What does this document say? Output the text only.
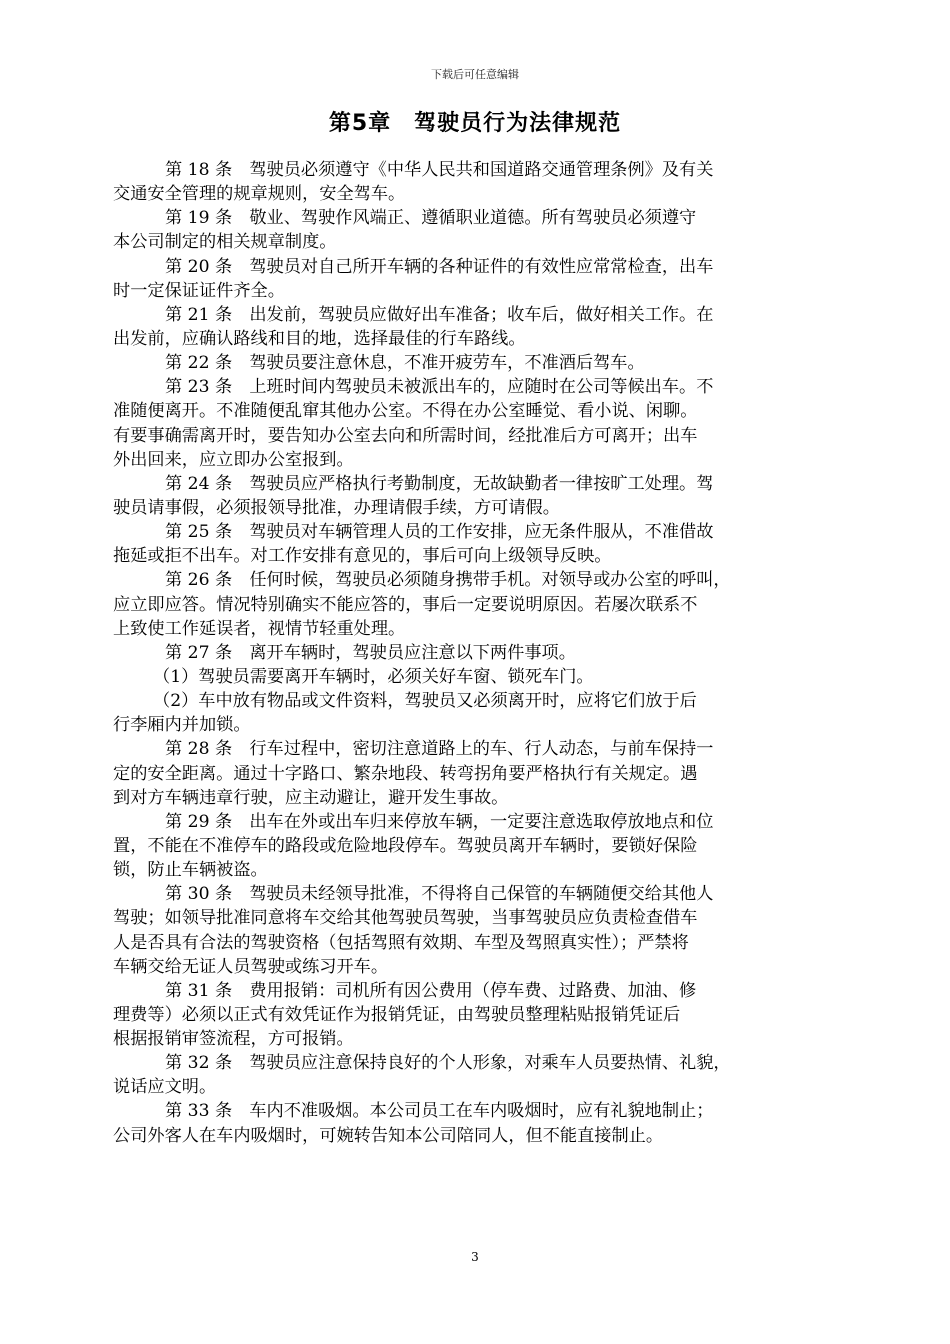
下载后可任意编辑
第5章　驾驶员行为法律规范
第 18 条　驾驶员必须遵守《中华人民共和国道路交通管理条例》及有关
交通安全管理的规章规则，安全驾车。
第 19 条　敬业、驾驶作风端正、遵循职业道德。所有驾驶员必须遵守
本公司制定的相关规章制度。
第 20 条　驾驶员对自己所开车辆的各种证件的有效性应常常检查，出车
时一定保证证件齐全。
第 21 条　出发前，驾驶员应做好出车准备；收车后，做好相关工作。在
出发前，应确认路线和目的地，选择最佳的行车路线。
第 22 条　驾驶员要注意休息，不准开疲劳车，不准酒后驾车。
第 23 条　上班时间内驾驶员未被派出车的，应随时在公司等候出车。不
准随便离开。不准随便乱窜其他办公室。不得在办公室睡觉、看小说、闲聊。
有要事确需离开时，要告知办公室去向和所需时间，经批准后方可离开；出车
外出回来，应立即办公室报到。
第 24 条　驾驶员应严格执行考勤制度，无故缺勤者一律按旷工处理。驾
驶员请事假，必须报领导批准，办理请假手续，方可请假。
第 25 条　驾驶员对车辆管理人员的工作安排，应无条件服从，不准借故
拖延或拒不出车。对工作安排有意见的，事后可向上级领导反映。
第 26 条　任何时候，驾驶员必须随身携带手机。对领导或办公室的呼叫，
应立即应答。情况特别确实不能应答的，事后一定要说明原因。若屡次联系不
上致使工作延误者，视情节轻重处理。
第 27 条　离开车辆时，驾驶员应注意以下两件事项。
（1）驾驶员需要离开车辆时，必须关好车窗、锁死车门。
（2）车中放有物品或文件资料，驾驶员又必须离开时，应将它们放于后
行李厢内并加锁。
第 28 条　行车过程中，密切注意道路上的车、行人动态，与前车保持一
定的安全距离。通过十字路口、繁杂地段、转弯拐角要严格执行有关规定。遇
到对方车辆违章行驶，应主动避让，避开发生事故。
第 29 条　出车在外或出车归来停放车辆，一定要注意选取停放地点和位
置，不能在不准停车的路段或危险地段停车。驾驶员离开车辆时，要锁好保险
锁，防止车辆被盗。
第 30 条　驾驶员未经领导批准，不得将自己保管的车辆随便交给其他人
驾驶；如领导批准同意将车交给其他驾驶员驾驶，当事驾驶员应负责检查借车
人是否具有合法的驾驶资格（包括驾照有效期、车型及驾照真实性）；严禁将
车辆交给无证人员驾驶或练习开车。
第 31 条　费用报销：司机所有因公费用（停车费、过路费、加油、修
理费等）必须以正式有效凭证作为报销凭证，由驾驶员整理粘贴报销凭证后
根据报销审签流程，方可报销。
第 32 条　驾驶员应注意保持良好的个人形象，对乘车人员要热情、礼貌，
说话应文明。
第 33 条　车内不准吸烟。本公司员工在车内吸烟时，应有礼貌地制止；
公司外客人在车内吸烟时，可婉转告知本公司陪同人，但不能直接制止。
3
